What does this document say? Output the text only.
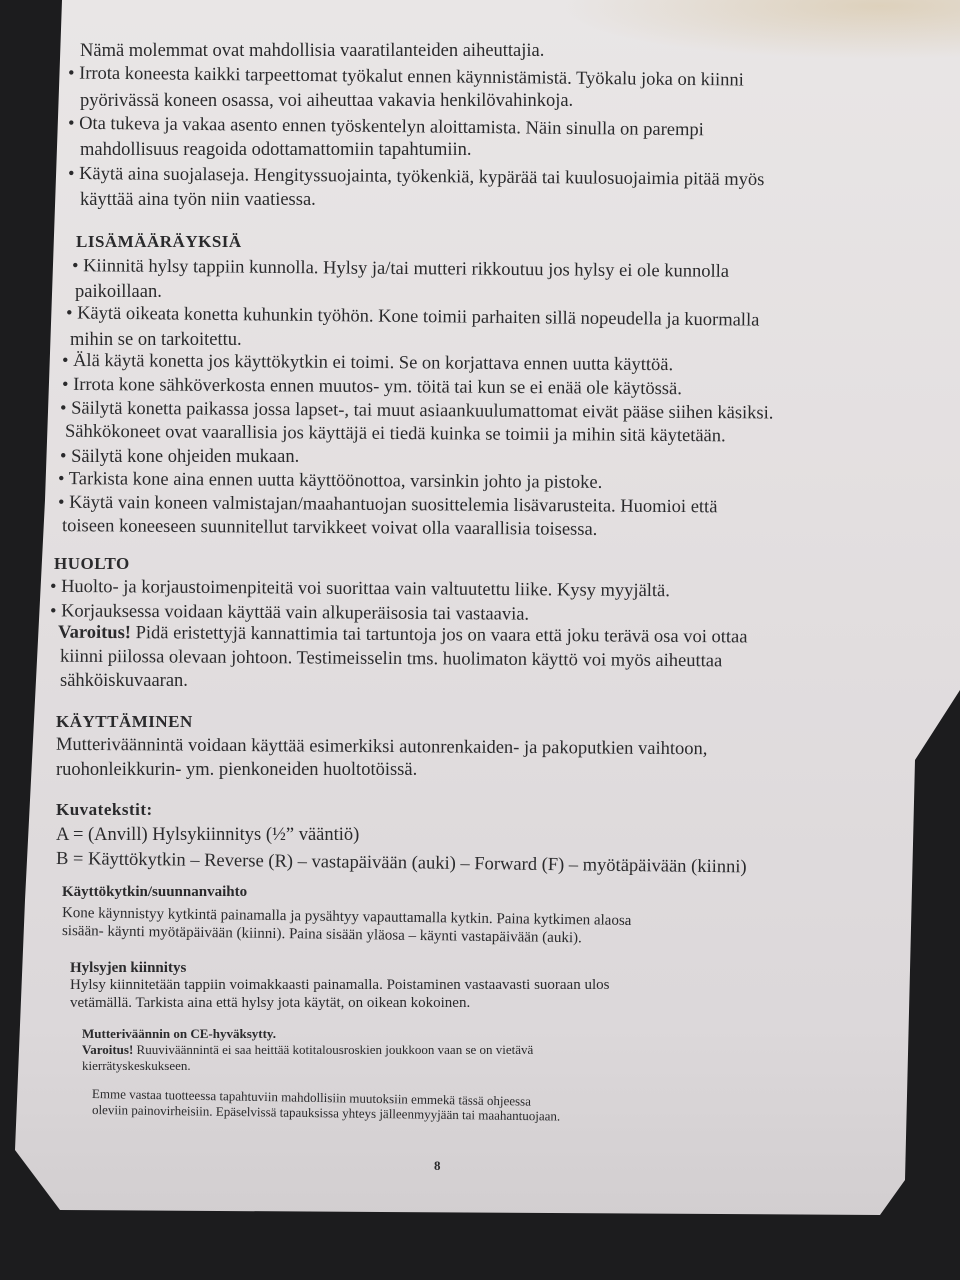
Nämä molemmat ovat mahdollisia vaaratilanteiden aiheuttajia.
• Irrota koneesta kaikki tarpeettomat työkalut ennen käynnistämistä. Työkalu joka on kiinni
pyörivässä koneen osassa, voi aiheuttaa vakavia henkilövahinkoja.
• Ota tukeva ja vakaa asento ennen työskentelyn aloittamista. Näin sinulla on parempi
mahdollisuus reagoida odottamattomiin tapahtumiin.
• Käytä aina suojalaseja. Hengityssuojainta, työkenkiä, kypärää tai kuulosuojaimia pitää myös
käyttää aina työn niin vaatiessa.
LISÄMÄÄRÄYKSIÄ
• Kiinnitä hylsy tappiin kunnolla. Hylsy ja/tai mutteri rikkoutuu jos hylsy ei ole kunnolla
paikoillaan.
• Käytä oikeata konetta kuhunkin työhön. Kone toimii parhaiten sillä nopeudella ja kuormalla
mihin se on tarkoitettu.
• Älä käytä konetta jos käyttökytkin ei toimi. Se on korjattava ennen uutta käyttöä.
• Irrota kone sähköverkosta ennen muutos- ym. töitä tai kun se ei enää ole käytössä.
• Säilytä konetta paikassa jossa lapset-, tai muut asiaankuulumattomat eivät pääse siihen käsiksi.
Sähkökoneet ovat vaarallisia jos käyttäjä ei tiedä kuinka se toimii ja mihin sitä käytetään.
• Säilytä kone ohjeiden mukaan.
• Tarkista kone aina ennen uutta käyttöönottoa, varsinkin johto ja pistoke.
• Käytä vain koneen valmistajan/maahantuojan suosittelemia lisävarusteita. Huomioi että
toiseen koneeseen suunnitellut tarvikkeet voivat olla vaarallisia toisessa.
HUOLTO
• Huolto- ja korjaustoimenpiteitä voi suorittaa vain valtuutettu liike. Kysy myyjältä.
• Korjauksessa voidaan käyttää vain alkuperäisosia tai vastaavia.
Varoitus! Pidä eristettyjä kannattimia tai tartuntoja jos on vaara että joku terävä osa voi ottaa
kiinni piilossa olevaan johtoon. Testimeisselin tms. huolimaton käyttö voi myös aiheuttaa
sähköiskuvaaran.
KÄYTTÄMINEN
Mutteriväännintä voidaan käyttää esimerkiksi autonrenkaiden- ja pakoputkien vaihtoon,
ruohonleikkurin- ym. pienkoneiden huoltotöissä.
Kuvatekstit:
A = (Anvill) Hylsykiinnitys (½” vääntiö)
B = Käyttökytkin – Reverse (R) – vastapäivään (auki) – Forward (F) – myötäpäivään (kiinni)
Käyttökytkin/suunnanvaihto
Kone käynnistyy kytkintä painamalla ja pysähtyy vapauttamalla kytkin. Paina kytkimen alaosa
sisään- käynti myötäpäivään (kiinni). Paina sisään yläosa – käynti vastapäivään (auki).
Hylsyjen kiinnitys
Hylsy kiinnitetään tappiin voimakkaasti painamalla. Poistaminen vastaavasti suoraan ulos
vetämällä. Tarkista aina että hylsy jota käytät, on oikean kokoinen.
Mutteriväännin on CE-hyväksytty.
Varoitus! Ruuviväännintä ei saa heittää kotitalousroskien joukkoon vaan se on vietävä
kierrätyskeskukseen.
Emme vastaa tuotteessa tapahtuviin mahdollisiin muutoksiin emmekä tässä ohjeessa
oleviin painovirheisiin. Epäselvissä tapauksissa yhteys jälleenmyyjään tai maahantuojaan.
8
